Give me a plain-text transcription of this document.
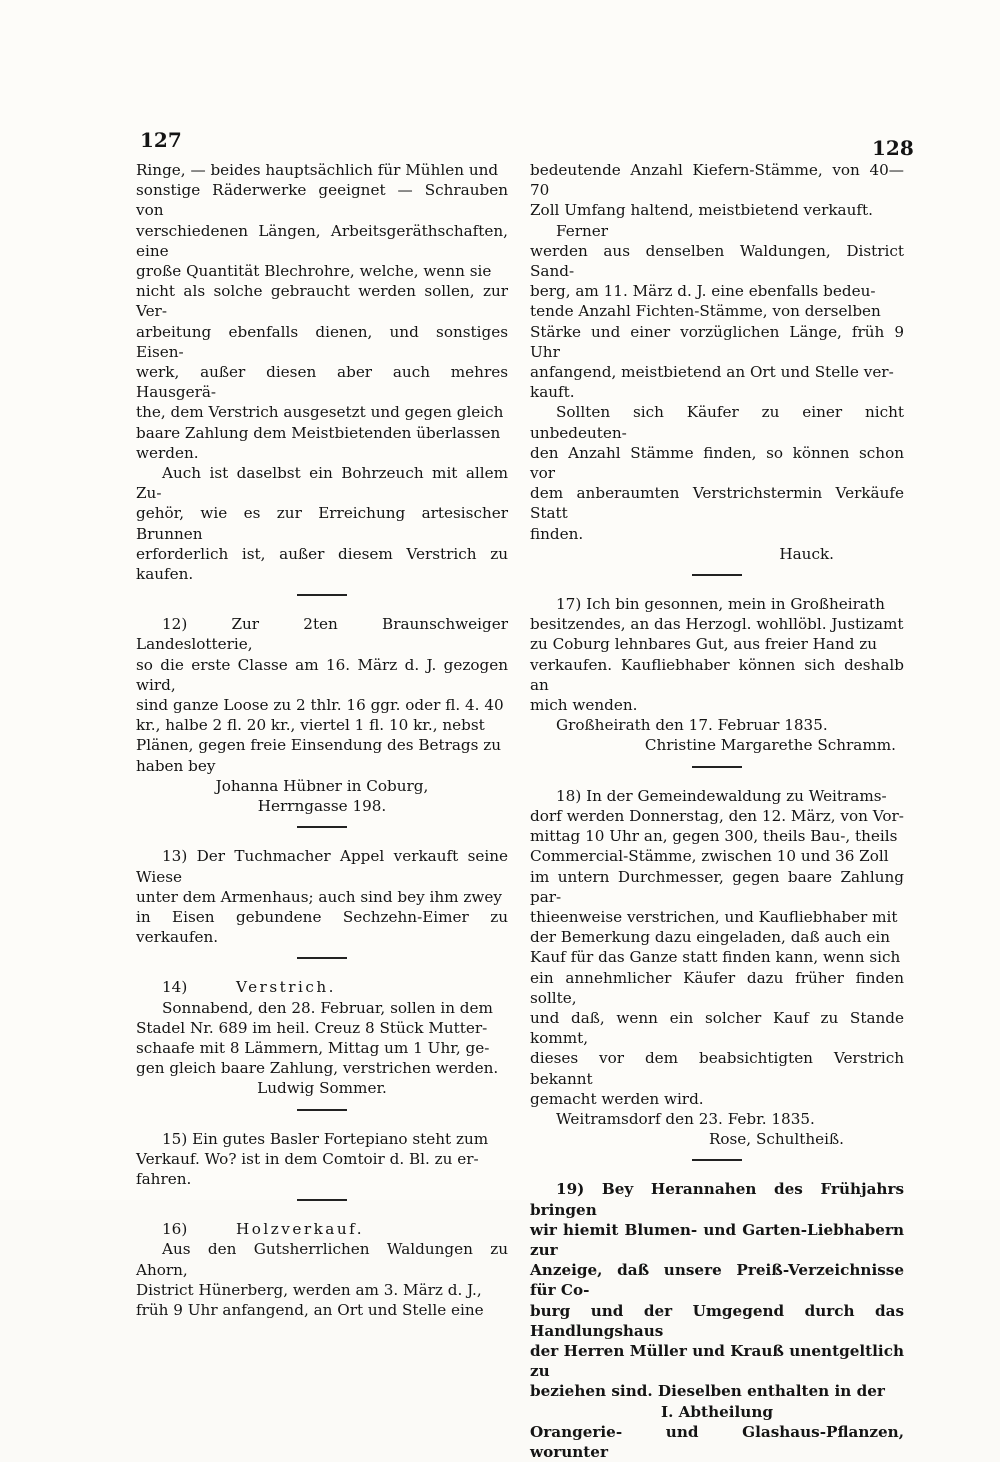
127	128

Ringe, — beides hauptsächlich für Mühlen und

sonstige Räderwerke geeignet — Schrauben von

verschiedenen Längen, Arbeitsgeräthschaften, eine

große Quantität Blechrohre, welche, wenn sie

nicht als solche gebraucht werden sollen, zur Ver-

arbeitung ebenfalls dienen, und sonstiges Eisen-

werk, außer diesen aber auch mehres Hausgerä-

the, dem Verstrich ausgesetzt und gegen gleich

baare Zahlung dem Meistbietenden überlassen

werden.

Auch ist daselbst ein Bohrzeuch mit allem Zu-

gehör, wie es zur Erreichung artesischer Brunnen

erforderlich ist, außer diesem Verstrich zu kaufen.

12) Zur 2ten Braunschweiger Landeslotterie,

so die erste Classe am 16. März d. J. gezogen wird,

sind ganze Loose zu 2 thlr. 16 ggr. oder fl. 4. 40

kr., halbe 2 fl. 20 kr., viertel 1 fl. 10 kr., nebst

Plänen, gegen freie Einsendung des Betrags zu

haben bey

Johanna Hübner in Coburg,

Herrngasse 198.

13) Der Tuchmacher Appel verkauft seine Wiese

unter dem Armenhaus; auch sind bey ihm zwey

in Eisen gebundene Sechzehn-Eimer zu verkaufen.

14)	Verstrich.

Sonnabend, den 28. Februar, sollen in dem

Stadel Nr. 689 im heil. Creuz 8 Stück Mutter-

schaafe mit 8 Lämmern, Mittag um 1 Uhr, ge-

gen gleich baare Zahlung, verstrichen werden.

Ludwig Sommer.

15) Ein gutes Basler Fortepiano steht zum

Verkauf. Wo? ist in dem Comtoir d. Bl. zu er-

fahren.

16)	Holzverkauf.

Aus den Gutsherrlichen Waldungen zu Ahorn,

District Hünerberg, werden am 3. März d. J.,

früh 9 Uhr anfangend, an Ort und Stelle eine

bedeutende Anzahl Kiefern-Stämme, von 40—70

Zoll Umfang haltend, meistbietend verkauft.

Ferner

werden aus denselben Waldungen, District Sand-

berg, am 11. März d. J. eine ebenfalls bedeu-

tende Anzahl Fichten-Stämme, von derselben

Stärke und einer vorzüglichen Länge, früh 9 Uhr

anfangend, meistbietend an Ort und Stelle ver-

kauft.

Sollten sich Käufer zu einer nicht unbedeuten-

den Anzahl Stämme finden, so können schon vor

dem anberaumten Verstrichstermin Verkäufe Statt

finden.

Hauck.

17) Ich bin gesonnen, mein in Großheirath

besitzendes, an das Herzogl. wohllöbl. Justizamt

zu Coburg lehnbares Gut, aus freier Hand zu

verkaufen. Kaufliebhaber können sich deshalb an

mich wenden.

Großheirath den 17. Februar 1835.

Christine Margarethe Schramm.

18) In der Gemeindewaldung zu Weitrams-

dorf werden Donnerstag, den 12. März, von Vor-

mittag 10 Uhr an, gegen 300, theils Bau-, theils

Commercial-Stämme, zwischen 10 und 36 Zoll

im untern Durchmesser, gegen baare Zahlung par-

thieenweise verstrichen, und Kaufliebhaber mit

der Bemerkung dazu eingeladen, daß auch ein

Kauf für das Ganze statt finden kann, wenn sich

ein annehmlicher Käufer dazu früher finden sollte,

und daß, wenn ein solcher Kauf zu Stande kommt,

dieses vor dem beabsichtigten Verstrich bekannt

gemacht werden wird.

Weitramsdorf den 23. Febr. 1835.

Rose, Schultheiß.

19) Bey Herannahen des Frühjahrs bringen

wir hiemit Blumen- und Garten-Liebhabern zur

Anzeige, daß unsere Preiß-Verzeichnisse für Co-

burg und der Umgegend durch das Handlungshaus

der Herren Müller und Krauß unentgeltlich zu

beziehen sind. Dieselben enthalten in der

I. Abtheilung

Orangerie- und Glashaus-Pflanzen, worunter
